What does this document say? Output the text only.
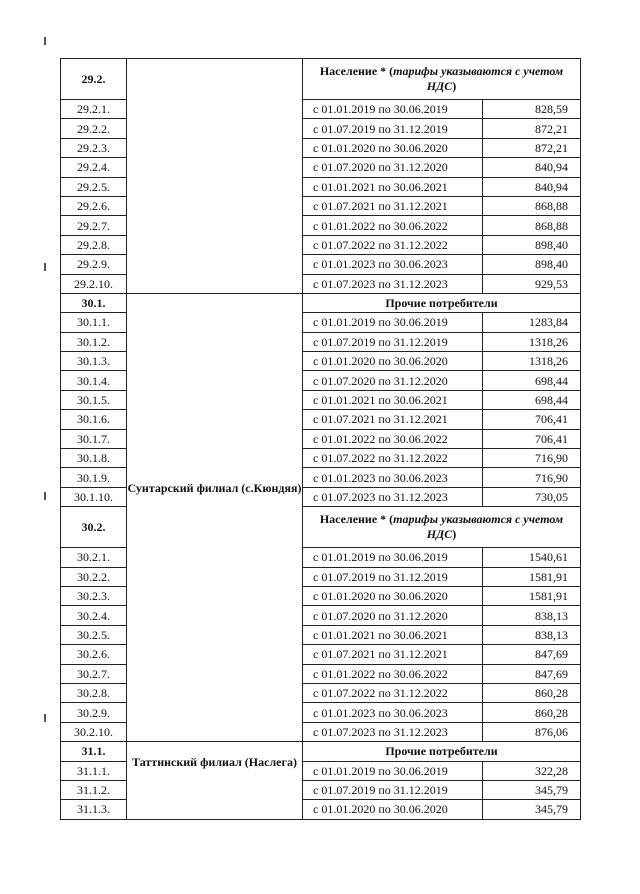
29.2.		Население * (тарифы указываются с учетом НДС)	
29.2.1.		с 01.01.2019 по 30.06.2019	828,59
29.2.2.		с 01.07.2019 по 31.12.2019	872,21
29.2.3.		с 01.01.2020 по 30.06.2020	872,21
29.2.4.		с 01.07.2020 по 31.12.2020	840,94
29.2.5.		с 01.01.2021 по 30.06.2021	840,94
29.2.6.		с 01.07.2021 по 31.12.2021	868,88
29.2.7.		с 01.01.2022 по 30.06.2022	868,88
29.2.8.		с 01.07.2022 по 31.12.2022	898,40
29.2.9.		с 01.01.2023 по 30.06.2023	898,40
29.2.10.		с 01.07.2023 по 31.12.2023	929,53
30.1.		Прочие потребители	
30.1.1.		с 01.01.2019 по 30.06.2019	1283,84
30.1.2.		с 01.07.2019 по 31.12.2019	1318,26
30.1.3.		с 01.01.2020 по 30.06.2020	1318,26
30.1.4.		с 01.07.2020 по 31.12.2020	698,44
30.1.5.		с 01.01.2021 по 30.06.2021	698,44
30.1.6.		с 01.07.2021 по 31.12.2021	706,41
30.1.7.		с 01.01.2022 по 30.06.2022	706,41
30.1.8.		с 01.07.2022 по 31.12.2022	716,90
30.1.9.		с 01.01.2023 по 30.06.2023	716,90
30.1.10.	Сунтарский филиал (с.Кюндяя)	с 01.07.2023 по 31.12.2023	730,05
30.2.		Население * (тарифы указываются с учетом НДС)	
30.2.1.		с 01.01.2019 по 30.06.2019	1540,61
30.2.2.		с 01.07.2019 по 31.12.2019	1581,91
30.2.3.		с 01.01.2020 по 30.06.2020	1581,91
30.2.4.		с 01.07.2020 по 31.12.2020	838,13
30.2.5.		с 01.01.2021 по 30.06.2021	838,13
30.2.6.		с 01.07.2021 по 31.12.2021	847,69
30.2.7.		с 01.01.2022 по 30.06.2022	847,69
30.2.8.		с 01.07.2022 по 31.12.2022	860,28
30.2.9.		с 01.01.2023 по 30.06.2023	860,28
30.2.10.		с 01.07.2023 по 31.12.2023	876,06
31.1.		Прочие потребители	
31.1.1.	Таттинский филиал (Наслега)	с 01.01.2019 по 30.06.2019	322,28
31.1.2.		с 01.07.2019 по 31.12.2019	345,79
31.1.3.		с 01.01.2020 по 30.06.2020	345,79
